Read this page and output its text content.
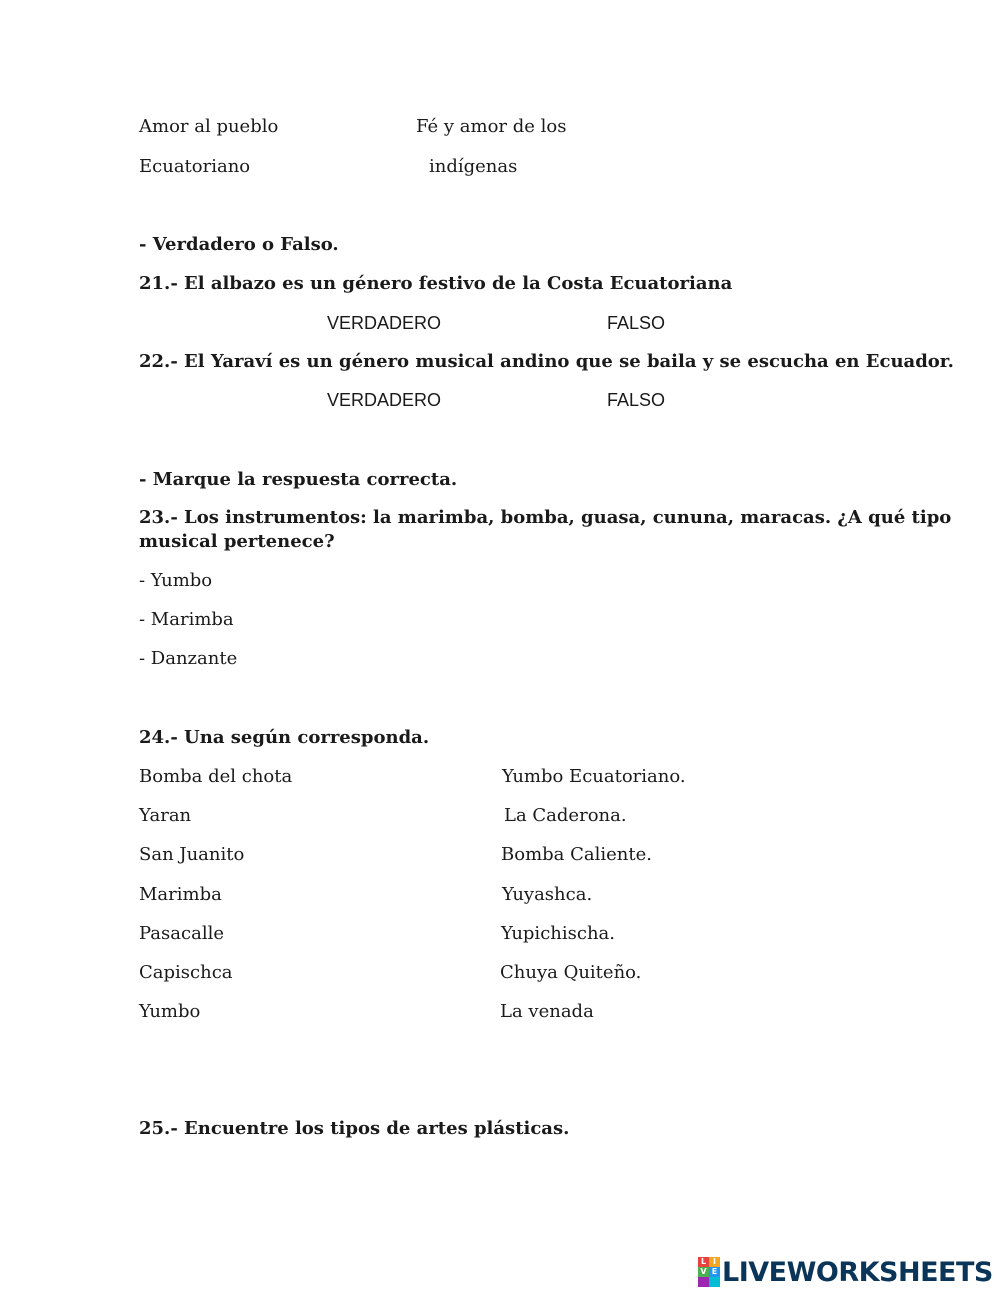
Amor al pueblo	Fé y amor de los
Ecuatoriano	indígenas
- Verdadero o Falso.
21.- El albazo es un género festivo de la Costa Ecuatoriana
VERDADERO	FALSO
22.- El Yaraví es un género musical andino que se baila y se escucha en Ecuador.
VERDADERO	FALSO
- Marque la respuesta correcta.
23.- Los instrumentos: la marimba, bomba, guasa, cununa, maracas. ¿A qué tipo
musical pertenece?
- Yumbo
- Marimba
- Danzante
24.- Una según corresponda.
Bomba del chota	Yumbo Ecuatoriano.
Yaran	La Caderona.
San Juanito	Bomba Caliente.
Marimba	Yuyashca.
Pasacalle	Yupichischa.
Capischca	Chuya Quiteño.
Yumbo	La venada
25.- Encuentre los tipos de artes plásticas.
L I
V E LIVEWORKSHEETS
